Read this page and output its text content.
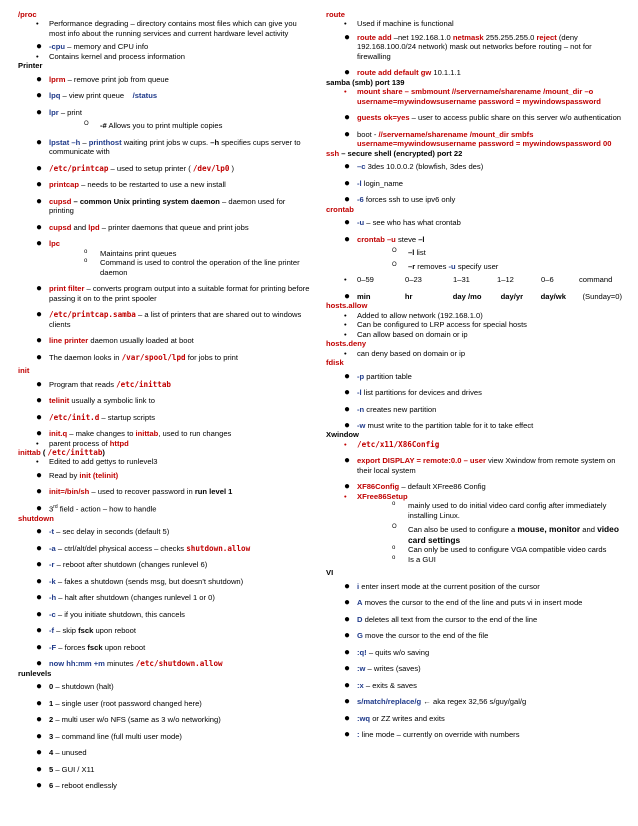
/proc
• Performance degrading – directory contains most files which can give you most info about the running services and current hardware level activity
● -cpu – memory and CPU info
• Contains kernel and process information
Printer
● lprm – remove print job from queue
● lpq – view print queue /status
● lpr – print
O -# Allows you to print multiple copies
● lpstat –h – printhost waiting print jobs w cups. –h specifies cups server to communicate with
● /etc/printcap – used to setup printer ( /dev/lp0 )
● printcap – needs to be restarted to use a new install
● cupsd – common Unix printing system daemon – daemon used for printing
● cupsd and lpd – printer daemons that queue and print jobs
● lpc
o Maintains print queues
o Command is used to control the operation of the line printer daemon
● print filter – converts program output into a suitable format for printing before passing it on to the print spooler
● /etc/printcap.samba – a list of printers that are shared out to windows clients
● line printer daemon usually loaded at boot
● The daemon looks in /var/spool/lpd for jobs to print
init
● Program that reads /etc/inittab
● telinit usually a symbolic link to
● /etc/init.d – startup scripts
● init.q – make changes to inittab, used to run changes
• parent process of httpd
inittab ( /etc/inittab)
• Edited to add gettys to runlevel3
● Read by init (telinit)
● init=/bin/sh – used to recover password in run level 1
● 3rd field - action – how to handle
shutdown
● -t – sec delay in seconds (default 5)
● -a – ctrl/alt/del physical access – checks shutdown.allow
● -r – reboot after shutdown (changes runlevel 6)
● -k – fakes a shutdown (sends msg, but doesn’t shutdown)
● -h – halt after shutdown (changes runlevel 1 or 0)
● -c – if you initiate shutdown, this cancels
● -f – skip fsck upon reboot
● -F – forces fsck upon reboot
● now hh:mm +m minutes /etc/shutdown.allow
runlevels
● 0 – shutdown (halt)
● 1 – single user (root password changed here)
● 2 – multi user w/o NFS (same as 3 w/o networking)
● 3 – command line (full multi user mode)
● 4 – unused
● 5 – GUI / X11
● 6 – reboot endlessly
route
• Used if machine is functional
● route add –net 192.168.1.0 netmask 255.255.255.0 reject (deny 192.168.100.0/24 network) mask out networks before routing – not for firewalling
● route add default gw 10.1.1.1
samba (smb) port 139
• mount share – smbmount //servername/sharename /mount_dir –o username=mywindowsusername password = mywindowspassword
● guests ok=yes – user to access public share on this server w/o authentication
● boot - //servername/sharename /mount_dir smbfs username=mywindowsusername password = mywindowspassword 00
ssh – secure shell (encrypted) port 22
● –c 3des 10.0.0.2 (blowfish, 3des des)
● -l login_name
● -6 forces ssh to use ipv6 only
crontab
● -u – see who has what crontab
● crontab –u steve –l
O –l list
O –r removes -u specify user
• 0–59	0–23	1–31	1–12	0–6	command
● min	hr	day /mo	day/yr	day/wk	(Sunday=0)
hosts.allow
• Added to allow network (192.168.1.0)
• Can be configured to LRP access for special hosts
• Can allow based on domain or ip
hosts.deny
• can deny based on domain or ip
fdisk
● -p partition table
● -l list partitions for devices and drives
● -n creates new partition
● -w must write to the partition table for it to take effect
Xwindow
• /etc/x11/X86Config
● export DISPLAY = remote:0.0 – user view Xwindow from remote system on their local system
● XF86Config – default XFree86 Config
• XFree86Setup
o mainly used to do initial video card config after immediately installing Linux.
O Can also be used to configure a mouse, monitor and video card settings
o Can only be used to configure VGA compatible video cards
o Is a GUI
VI
● i enter insert mode at the current position of the cursor
● A moves the cursor to the end of the line and puts vi in insert mode
● D deletes all text from the cursor to the end of the line
● G move the cursor to the end of the file
● :q! – quits w/o saving
● :w – writes (saves)
● :x – exits & saves
● s/match/replace/g ← aka regex 32,56 s/guy/gal/g
● :wq or ZZ writes and exits
● : line mode – currently on override with numbers
